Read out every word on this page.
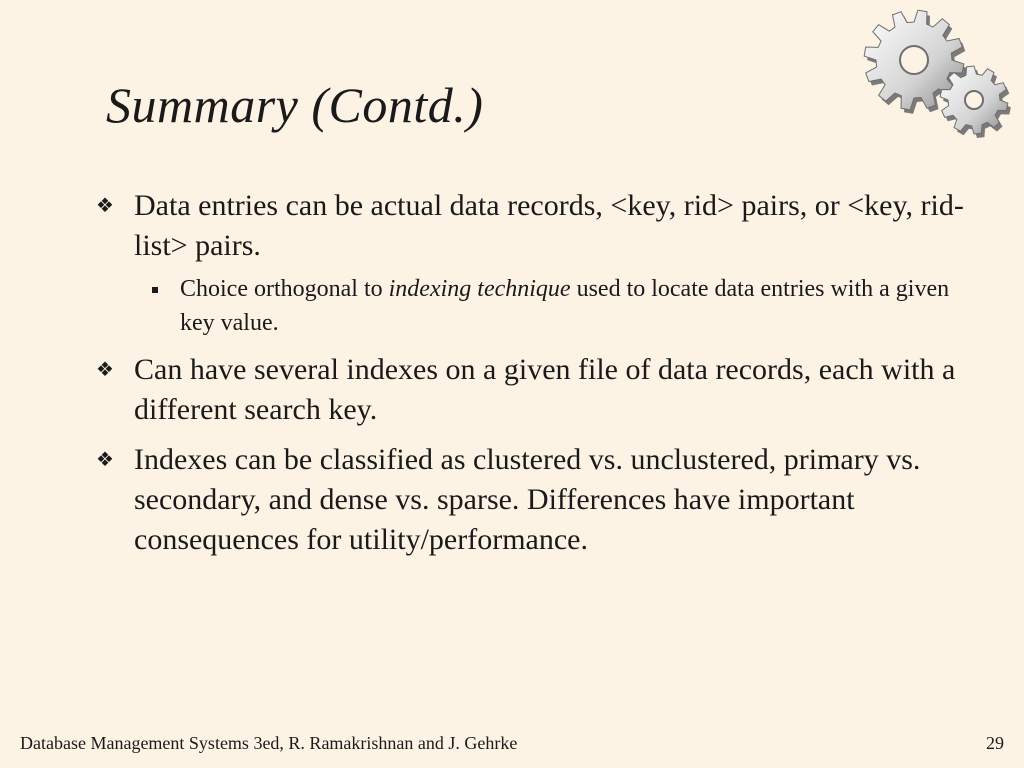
Summary (Contd.)
❖ Data entries can be actual data records, <key, rid> pairs, or <key, rid-list> pairs.
Choice orthogonal to indexing technique used to locate data entries with a given key value.
❖ Can have several indexes on a given file of data records, each with a different search key.
❖ Indexes can be classified as clustered vs. unclustered, primary vs. secondary, and dense vs. sparse. Differences have important consequences for utility/performance.
Database Management Systems 3ed, R. Ramakrishnan and J. Gehrke	29
